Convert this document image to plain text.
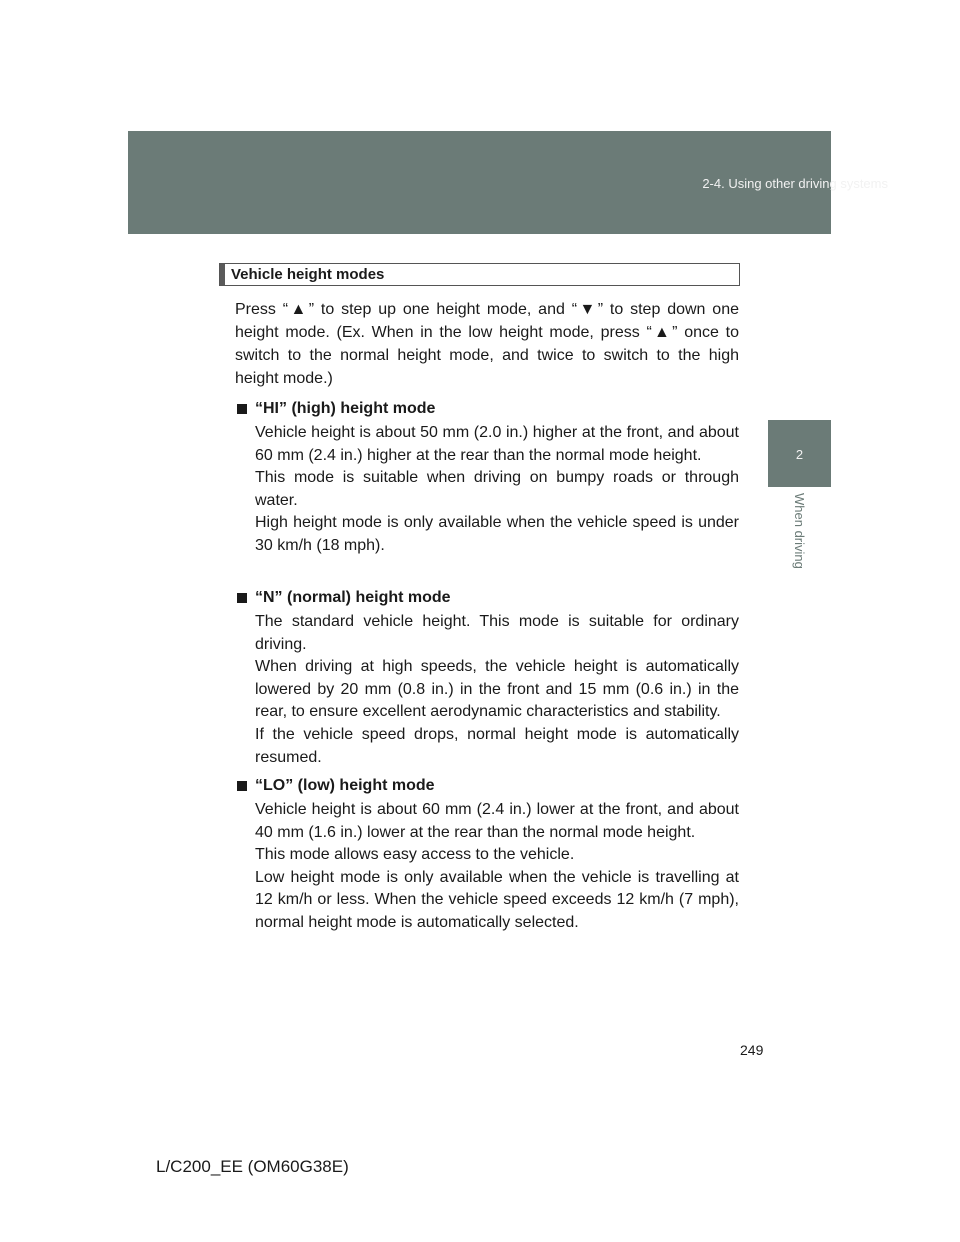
2-4. Using other driving systems
2
When driving
Vehicle height modes
Press “▲” to step up one height mode, and “▼” to step down one height mode. (Ex. When in the low height mode, press “▲” once to switch to the normal height mode, and twice to switch to the high height mode.)
“HI” (high) height mode

Vehicle height is about 50 mm (2.0 in.) higher at the front, and about 60 mm (2.4 in.) higher at the rear than the normal mode height.

This mode is suitable when driving on bumpy roads or through water.

High height mode is only available when the vehicle speed is under 30 km/h (18 mph).

“N” (normal) height mode

The standard vehicle height. This mode is suitable for ordinary driving.

When driving at high speeds, the vehicle height is automatically lowered by 20 mm (0.8 in.) in the front and 15 mm (0.6 in.) in the rear, to ensure excellent aerodynamic characteristics and stability.

If the vehicle speed drops, normal height mode is automatically resumed.

“LO” (low) height mode

Vehicle height is about 60 mm (2.4 in.) lower at the front, and about 40 mm (1.6 in.) lower at the rear than the normal mode height.

This mode allows easy access to the vehicle.

Low height mode is only available when the vehicle is travelling at 12 km/h or less. When the vehicle speed exceeds 12 km/h (7 mph), normal height mode is automatically selected.

249
L/C200_EE (OM60G38E)
